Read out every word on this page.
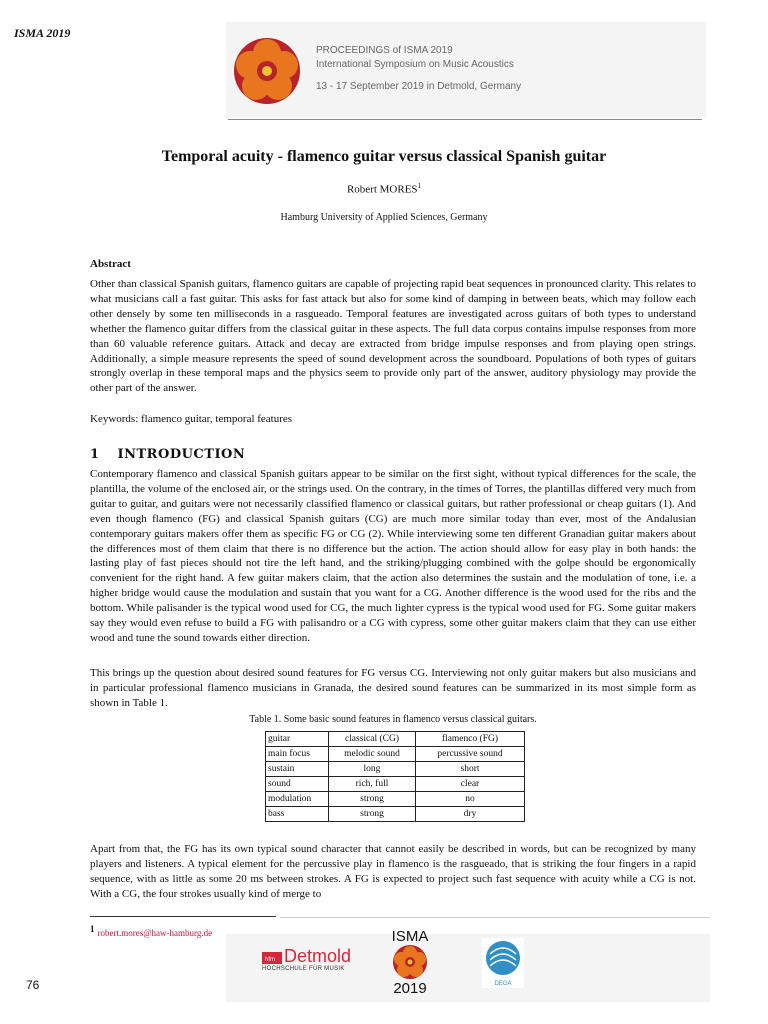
ISMA 2019
PROCEEDINGS of ISMA 2019
International Symposium on Music Acoustics
13 - 17 September 2019 in Detmold, Germany
Temporal acuity - flamenco guitar versus classical Spanish guitar
Robert MORES$^1$
Hamburg University of Applied Sciences, Germany
Abstract

Other than classical Spanish guitars, flamenco guitars are capable of projecting rapid beat sequences in pronounced clarity. This relates to what musicians call a fast guitar. This asks for fast attack but also for some kind of damping in between beats, which may follow each other densely by some ten milliseconds in a rasgueado. Temporal features are investigated across guitars of both types to understand whether the flamenco guitar differs from the classical guitar in these aspects. The full data corpus contains impulse responses from more than 60 valuable reference guitars. Attack and decay are extracted from bridge impulse responses and from playing open strings. Additionally, a simple measure represents the speed of sound development across the soundboard. Populations of both types of guitars strongly overlap in these temporal maps and the physics seem to provide only part of the answer, auditory physiology may provide the other part of the answer.

Keywords: flamenco guitar, temporal features
1 INTRODUCTION

Contemporary flamenco and classical Spanish guitars appear to be similar on the first sight, without typical differences for the scale, the plantilla, the volume of the enclosed air, or the strings used. On the contrary, in the times of Torres, the plantillas differed very much from guitar to guitar, and guitars were not necessarily classified flamenco or classical guitars, but rather professional or cheap guitars (1). And even though flamenco (FG) and classical Spanish guitars (CG) are much more similar today than ever, most of the Andalusian contemporary guitars makers offer them as specific FG or CG (2). While interviewing some ten different Granadian guitar makers about the differences most of them claim that there is no difference but the action. The action should allow for easy play in both hands: the lasting play of fast pieces should not tire the left hand, and the striking/plugging combined with the golpe should be ergonomically convenient for the right hand. A few guitar makers claim, that the action also determines the sustain and the modulation of tone, i.e. a higher bridge would cause the modulation and sustain that you want for a CG. Another difference is the wood used for the ribs and the bottom. While palisander is the typical wood used for CG, the much lighter cypress is the typical wood used for FG. Some guitar makers say they would even refuse to build a FG with palisandro or a CG with cypress, some other guitar makers claim that they can use either wood and tune the sound towards either direction.

This brings up the question about desired sound features for FG versus CG. Interviewing not only guitar makers but also musicians and in particular professional flamenco musicians in Granada, the desired sound features can be summarized in its most simple form as shown in Table 1.

Table 1. Some basic sound features in flamenco versus classical guitars.
guitar	classical (CG)	flamenco (FG)
main focus	melodic sound	percussive sound
sustain	long	short
sound	rich, full	clear
modulation	strong	no
bass	strong	dry

Apart from that, the FG has its own typical sound character that cannot easily be described in words, but can be recognized by many players and listeners. A typical element for the percussive play in flamenco is the rasgueado, that is striking the four fingers in a rapid sequence, with as little as some 20 ms between strokes. A FG is expected to project such fast sequence with acuity while a CG is not. With a CG, the four strokes usually kind of merge to

$^1$ robert.mores@haw-hamburg.de
hfm Detmold
HOCHSCHULE FÜR MUSIK
ISMA
2019	DEGA
76
